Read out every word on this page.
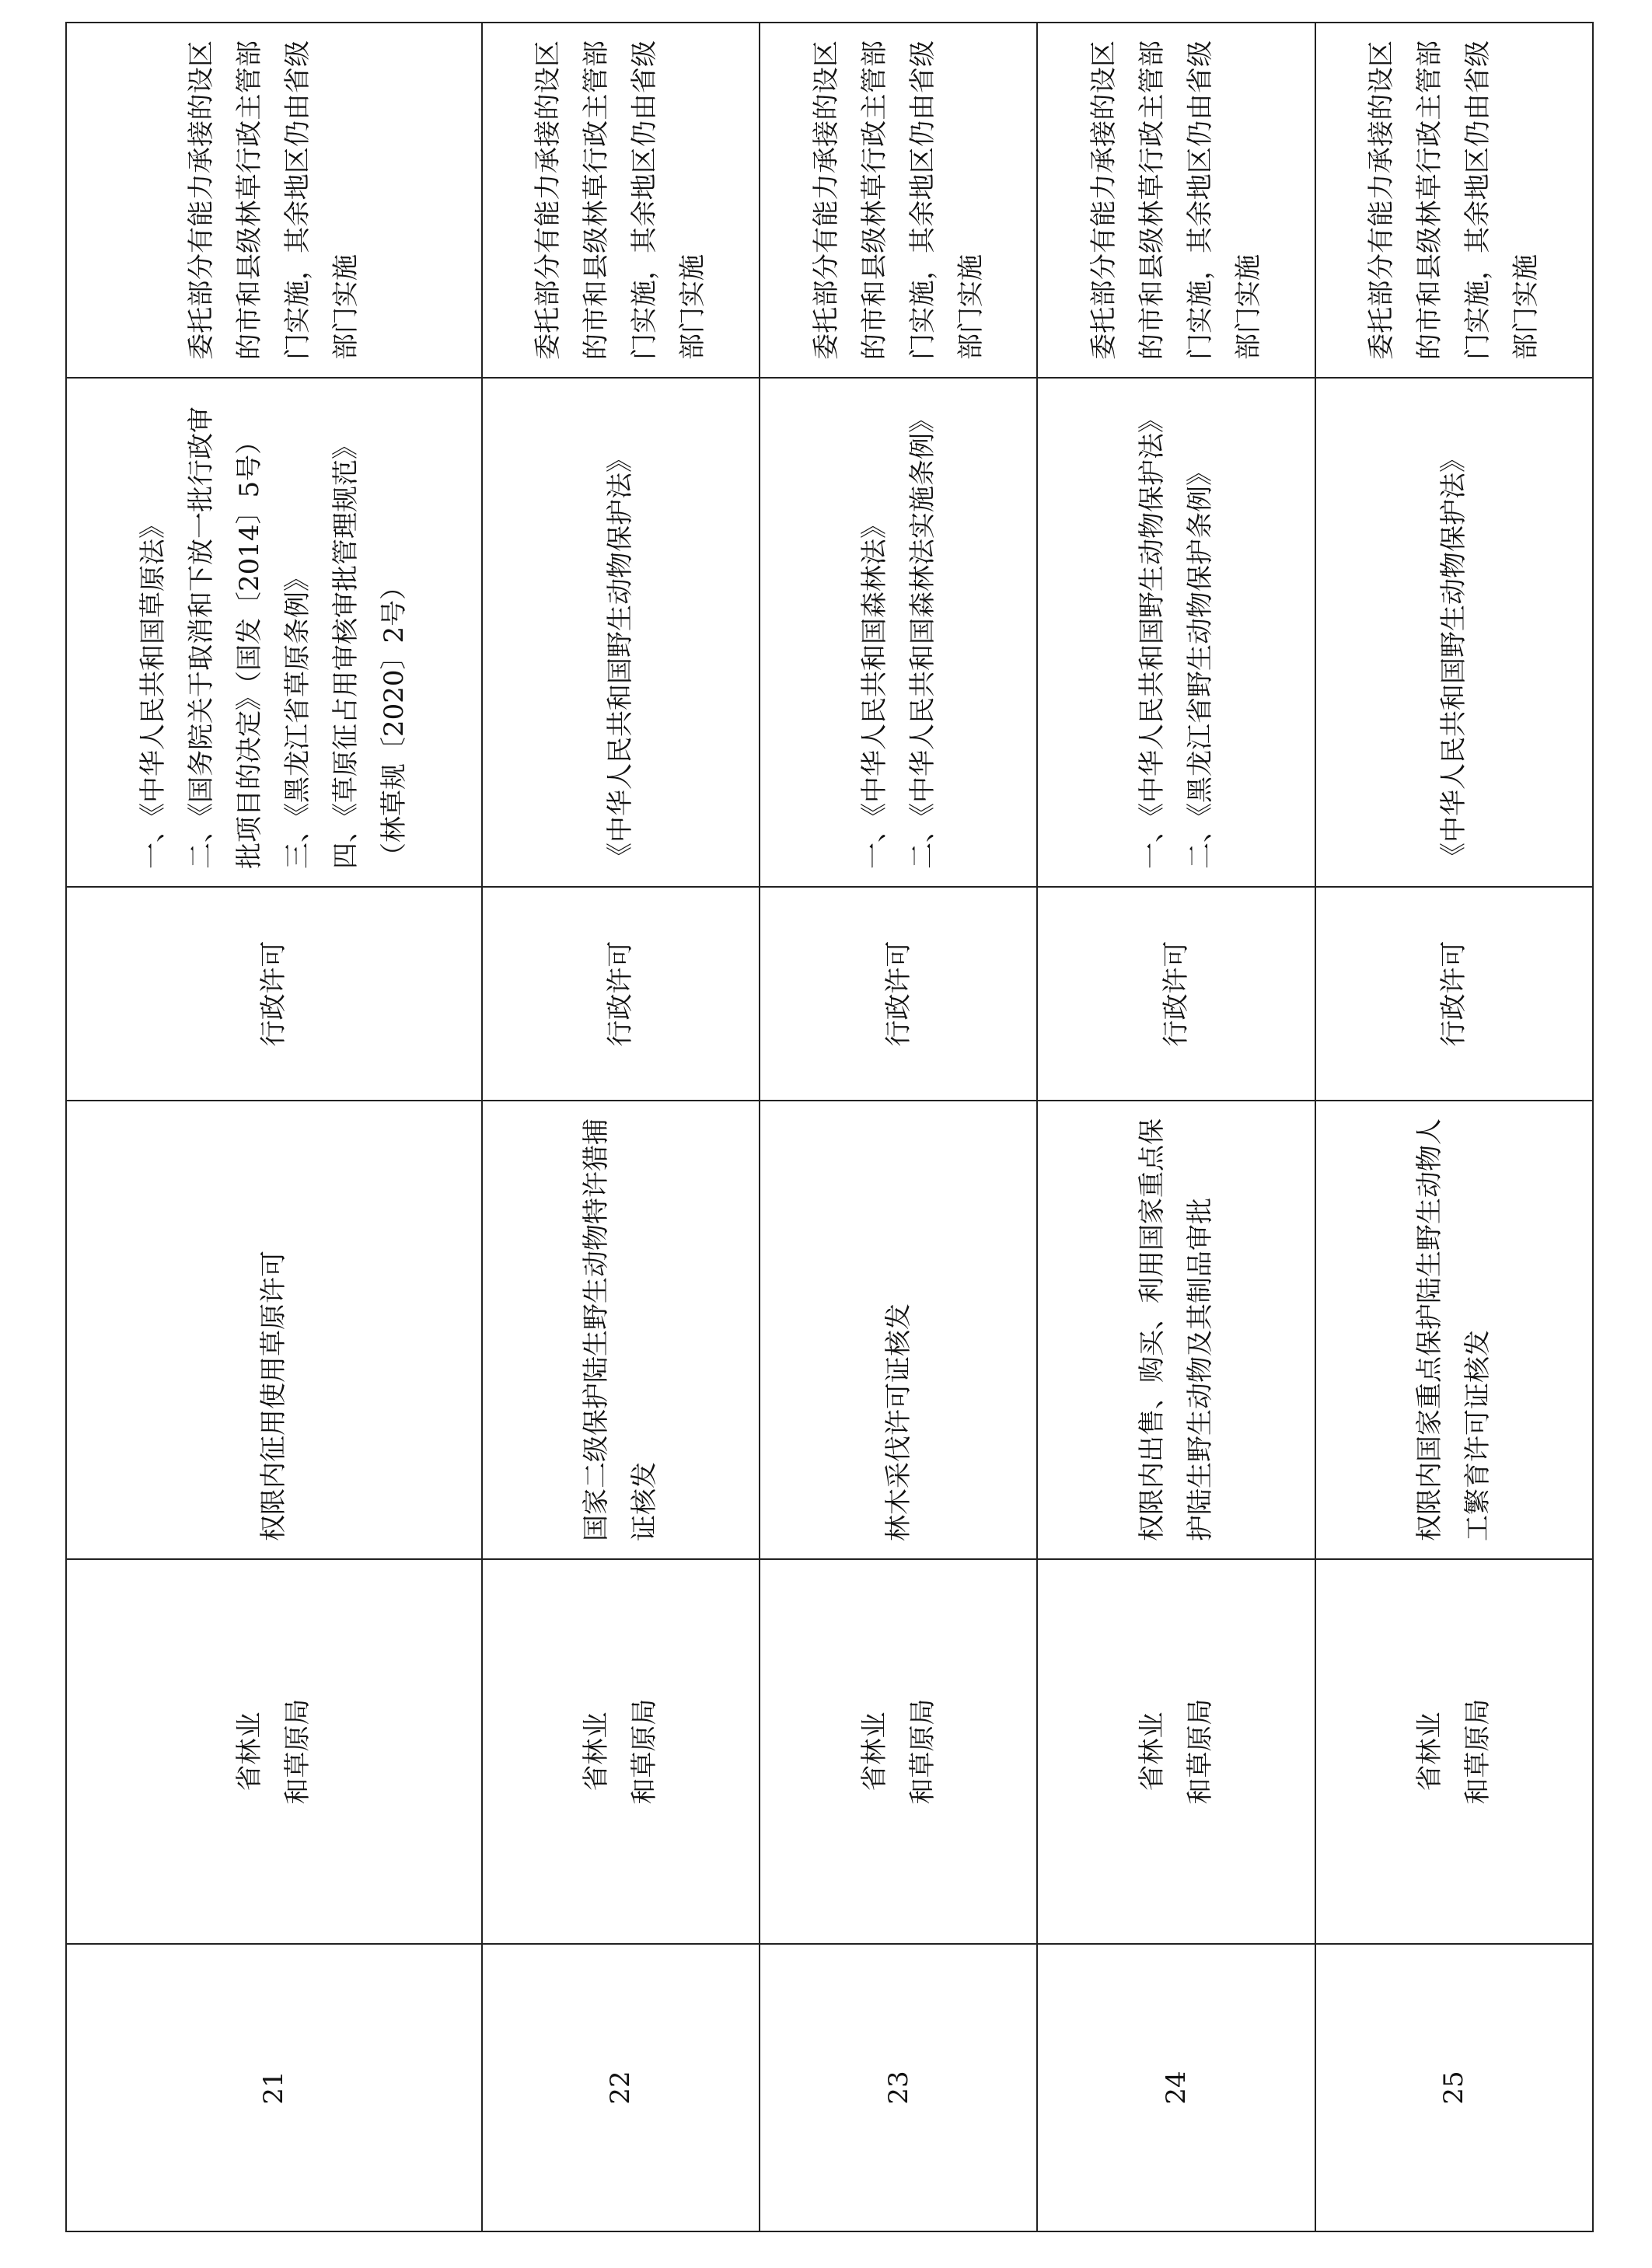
21	省林业 和草原局	权限内征用使用草原许可	行政许可	一、《中华人民共和国草原法》 二、《国务院关于取消和下放一批行政审批项目的决定》（国发〔2014〕5号） 三、《黑龙江省草原条例》 四、《草原征占用审核审批管理规范》（林草规〔2020〕2号）	委托部分有能力承接的设区的市和县级林草行政主管部门实施，其余地区仍由省级部门实施
22	省林业 和草原局	国家二级保护陆生野生动物特许猎捕证核发	行政许可	《中华人民共和国野生动物保护法》	委托部分有能力承接的设区的市和县级林草行政主管部门实施，其余地区仍由省级部门实施
23	省林业 和草原局	林木采伐许可证核发	行政许可	一、《中华人民共和国森林法》 二、《中华人民共和国森林法实施条例》	委托部分有能力承接的设区的市和县级林草行政主管部门实施，其余地区仍由省级部门实施
24	省林业 和草原局	权限内出售、购买、利用国家重点保护陆生野生动物及其制品审批	行政许可	一、《中华人民共和国野生动物保护法》 二、《黑龙江省野生动物保护条例》	委托部分有能力承接的设区的市和县级林草行政主管部门实施，其余地区仍由省级部门实施
25	省林业 和草原局	权限内国家重点保护陆生野生动物人工繁育许可证核发	行政许可	《中华人民共和国野生动物保护法》	委托部分有能力承接的设区的市和县级林草行政主管部门实施，其余地区仍由省级部门实施
